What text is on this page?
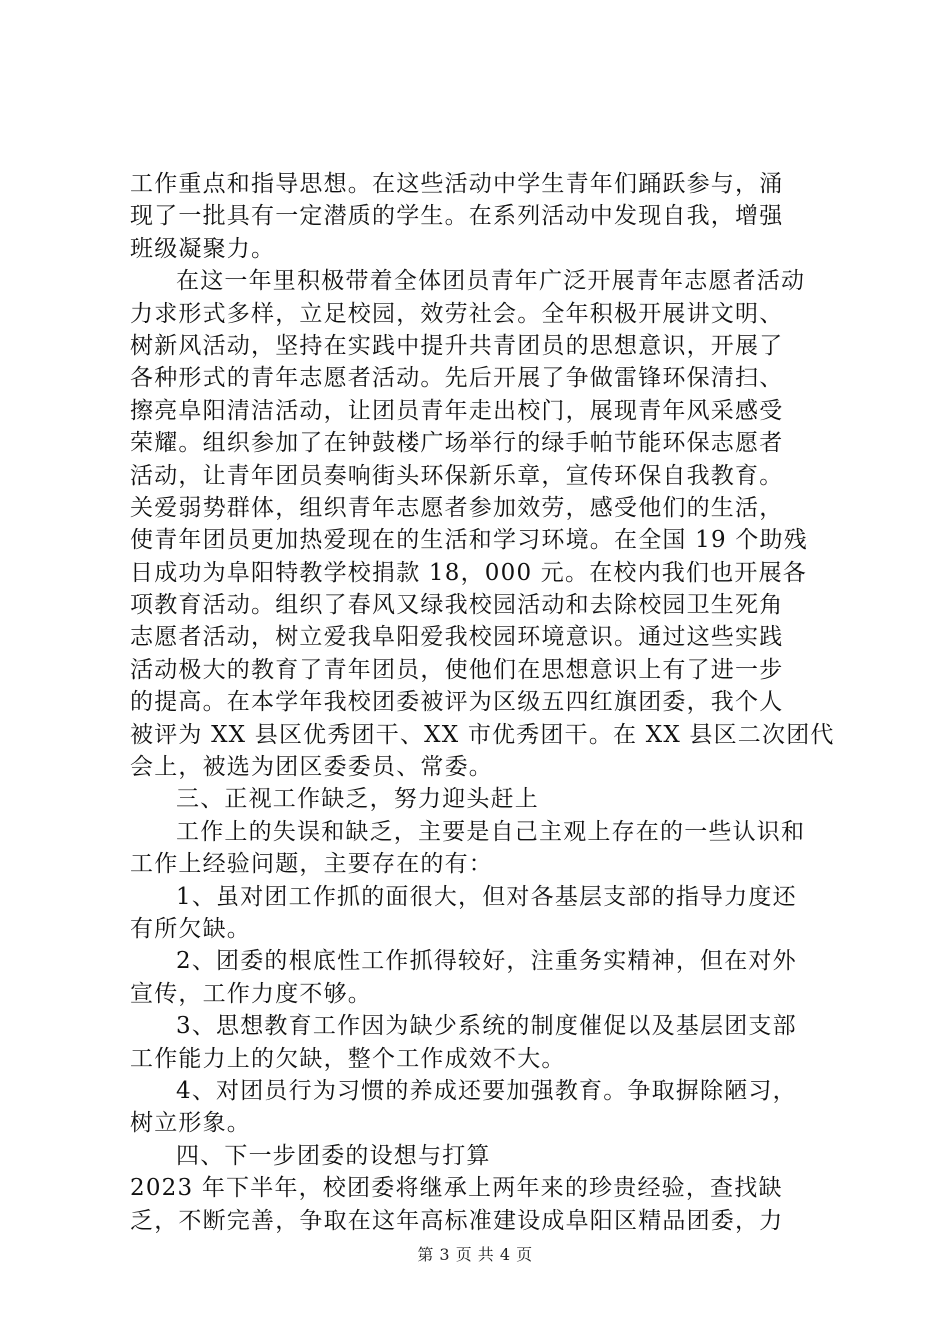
工作重点和指导思想。在这些活动中学生青年们踊跃参与，涌
现了一批具有一定潜质的学生。在系列活动中发现自我，增强
班级凝聚力。
在这一年里积极带着全体团员青年广泛开展青年志愿者活动
力求形式多样，立足校园，效劳社会。全年积极开展讲文明、
树新风活动，坚持在实践中提升共青团员的思想意识，开展了
各种形式的青年志愿者活动。先后开展了争做雷锋环保清扫、
擦亮阜阳清洁活动，让团员青年走出校门，展现青年风采感受
荣耀。组织参加了在钟鼓楼广场举行的绿手帕节能环保志愿者
活动，让青年团员奏响街头环保新乐章，宣传环保自我教育。
关爱弱势群体，组织青年志愿者参加效劳，感受他们的生活，
使青年团员更加热爱现在的生活和学习环境。在全国 19 个助残
日成功为阜阳特教学校捐款 18，000 元。在校内我们也开展各
项教育活动。组织了春风又绿我校园活动和去除校园卫生死角
志愿者活动，树立爱我阜阳爱我校园环境意识。通过这些实践
活动极大的教育了青年团员，使他们在思想意识上有了进一步
的提高。在本学年我校团委被评为区级五四红旗团委，我个人
被评为 XX 县区优秀团干、XX 市优秀团干。在 XX 县区二次团代
会上，被选为团区委委员、常委。
三、正视工作缺乏，努力迎头赶上
工作上的失误和缺乏，主要是自己主观上存在的一些认识和
工作上经验问题，主要存在的有：
1、虽对团工作抓的面很大，但对各基层支部的指导力度还
有所欠缺。
2、团委的根底性工作抓得较好，注重务实精神，但在对外
宣传，工作力度不够。
3、思想教育工作因为缺少系统的制度催促以及基层团支部
工作能力上的欠缺，整个工作成效不大。
4、对团员行为习惯的养成还要加强教育。争取摒除陋习，
树立形象。
四、下一步团委的设想与打算
2023 年下半年，校团委将继承上两年来的珍贵经验，查找缺
乏，不断完善，争取在这年高标准建设成阜阳区精品团委，力
第 3 页 共 4 页
